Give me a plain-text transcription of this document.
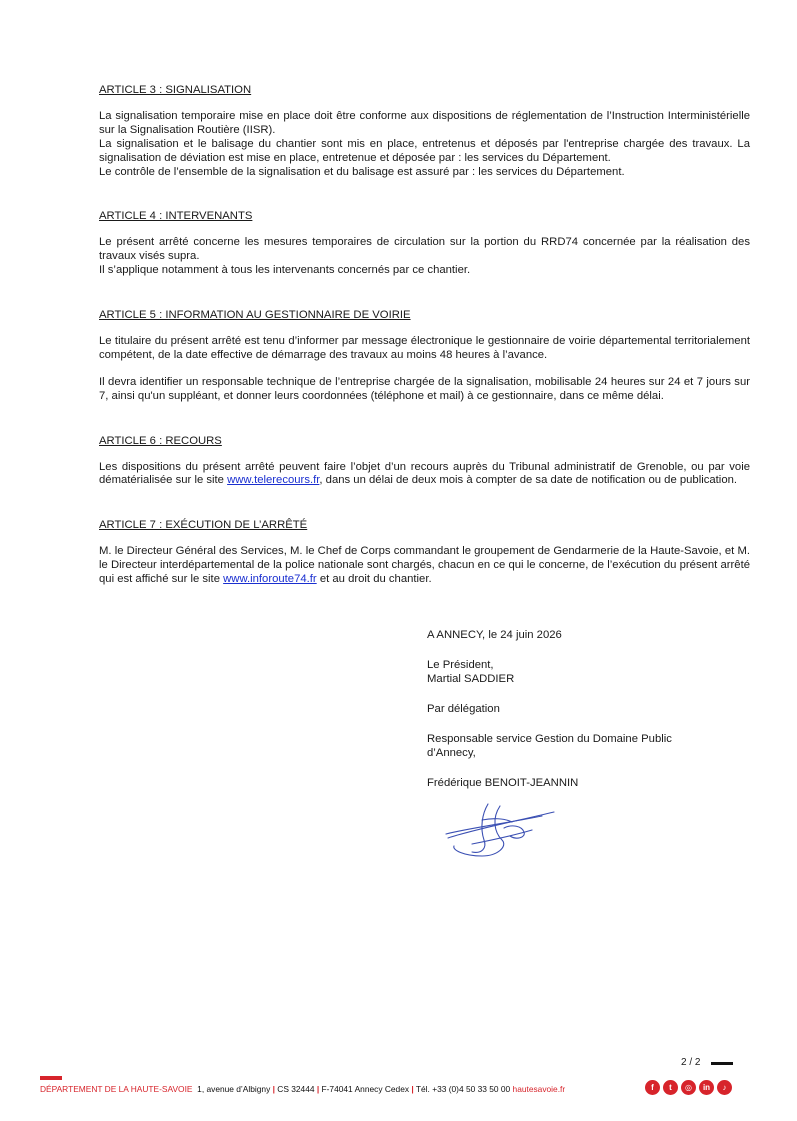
ARTICLE 3 : SIGNALISATION

La signalisation temporaire mise en place doit être conforme aux dispositions de réglementation de l’Instruction Interministérielle sur la Signalisation Routière (IISR).

La signalisation et le balisage du chantier sont mis en place, entretenus et déposés par l'entreprise chargée des travaux. La signalisation de déviation est mise en place, entretenue et déposée par : les services du Département.

Le contrôle de l’ensemble de la signalisation et du balisage est assuré par : les services du Département.

ARTICLE 4 : INTERVENANTS

Le présent arrêté concerne les mesures temporaires de circulation sur la portion du RRD74 concernée par la réalisation des travaux visés supra.

Il s’applique notamment à tous les intervenants concernés par ce chantier.

ARTICLE 5 : INFORMATION AU GESTIONNAIRE DE VOIRIE

Le titulaire du présent arrêté est tenu d’informer par message électronique le gestionnaire de voirie départemental territorialement compétent, de la date effective de démarrage des travaux au moins 48 heures à l’avance.

Il devra identifier un responsable technique de l’entreprise chargée de la signalisation, mobilisable 24 heures sur 24 et 7 jours sur 7, ainsi qu'un suppléant, et donner leurs coordonnées (téléphone et mail) à ce gestionnaire, dans ce même délai.

ARTICLE 6 : RECOURS

Les dispositions du présent arrêté peuvent faire l’objet d’un recours auprès du Tribunal administratif de Grenoble, ou par voie dématérialisée sur le site www.telerecours.fr, dans un délai de deux mois à compter de sa date de notification ou de publication.

ARTICLE 7 : EXÉCUTION DE L’ARRÊTÉ

M. le Directeur Général des Services, M. le Chef de Corps commandant le groupement de Gendarmerie de la Haute-Savoie, et M. le Directeur interdépartemental de la police nationale sont chargés, chacun en ce qui le concerne, de l’exécution du présent arrêté qui est affiché sur le site www.inforoute74.fr et au droit du chantier.

A ANNECY, le 24 juin 2026

Le Président,

Martial SADDIER

Par délégation

Responsable service Gestion du Domaine Public

d’Annecy,

Frédérique BENOIT-JEANNIN

2 / 2
DÉPARTEMENT DE LA HAUTE-SAVOIE 1, avenue d’Albigny | CS 32444 | F-74041 Annecy Cedex | Tél. +33 (0)4 50 33 50 00 hautesavoie.fr	f	t	◎	in	♪
